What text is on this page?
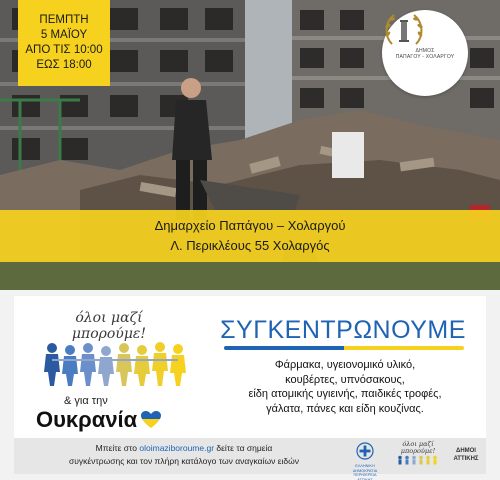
ΠΕΜΠΤΗ
5 ΜΑΪΟΥ
ΑΠΟ ΤΙΣ 10:00
ΕΩΣ 18:00
ΔΗΜΟΣ
ΠΑΠΑΓΟΥ - ΧΟΛΑΡΓΟΥ
Δημαρχείο Παπάγου – Χολαργού
Λ. Περικλέους 55 Χολαργός
όλοι μαζί
μπορούμε!
& για την
Ουκρανία
ΣΥΓΚΕΝΤΡΩΝΟΥΜΕ
Φάρμακα, υγειονομικό υλικό,
κουβέρτες, υπνόσακους,
είδη ατομικής υγιεινής, παιδικές τροφές,
γάλατα, πάνες και είδη κουζίνας.
Μπείτε στο oloimaziboroume.gr δείτε τα σημεία
συγκέντρωσης και τον πλήρη κατάλογο των αναγκαίων ειδών	ΕΛΛΗΝΙΚΗ ΔΗΜΟΚΡΑΤΙΑ
ΠΕΡΙΦΕΡΕΙΑ ΑΤΤΙΚΗΣ
όλοι μαζί
μπορούμε!	ΔΗΜΟΙ
ΑΤΤΙΚΗΣ
